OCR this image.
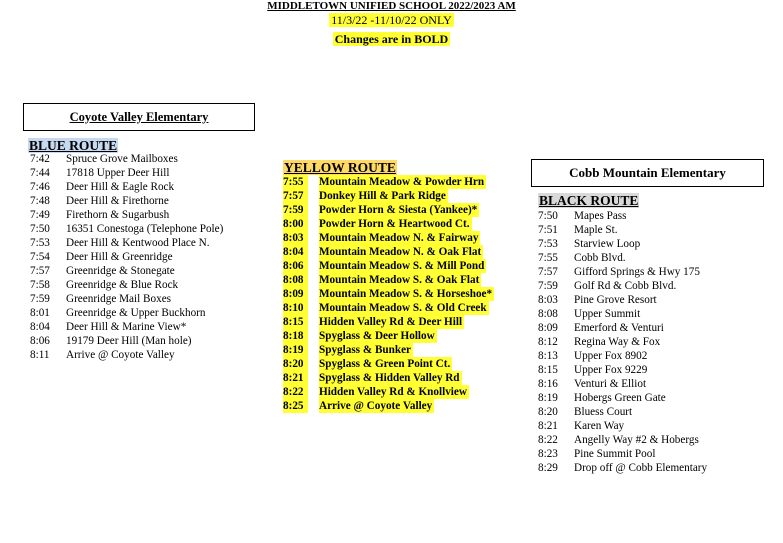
MIDDLETOWN UNIFIED SCHOOL 2022/2023 AM
11/3/22 -11/10/22 ONLY
Changes are in BOLD
Coyote Valley Elementary
Cobb Mountain Elementary
BLUE ROUTE
YELLOW ROUTE
BLACK ROUTE
7:42 Spruce Grove Mailboxes
7:44 17818 Upper Deer Hill
7:46 Deer Hill & Eagle Rock
7:48 Deer Hill & Firethorne
7:49 Firethorn & Sugarbush
7:50 16351 Conestoga (Telephone Pole)
7:53 Deer Hill & Kentwood Place N.
7:54 Deer Hill & Greenridge
7:57 Greenridge & Stonegate
7:58 Greenridge & Blue Rock
7:59 Greenridge Mail Boxes
8:01 Greenridge & Upper Buckhorn
8:04 Deer Hill & Marine View*
8:06 19179 Deer Hill (Man hole)
8:11 Arrive @ Coyote Valley
7:55	Mountain Meadow & Powder Hrn
7:57	Donkey Hill & Park Ridge
7:59	Powder Horn & Siesta (Yankee)*
8:00	Powder Horn & Heartwood Ct.
8:03	Mountain Meadow N. & Fairway
8:04	Mountain Meadow N. & Oak Flat
8:06	Mountain Meadow S. & Mill Pond
8:08	Mountain Meadow S. & Oak Flat
8:09	Mountain Meadow S. & Horseshoe*
8:10	Mountain Meadow S. & Old Creek
8:15	Hidden Valley Rd & Deer Hill
8:18	Spyglass & Deer Hollow
8:19	Spyglass & Bunker
8:20	Spyglass & Green Point Ct.
8:21	Spyglass & Hidden Valley Rd
8:22	Hidden Valley Rd & Knollview
8:25	Arrive @ Coyote Valley
7:50 Mapes Pass
7:51 Maple St.
7:53 Starview Loop
7:55 Cobb Blvd.
7:57 Gifford Springs & Hwy 175
7:59 Golf Rd & Cobb Blvd.
8:03 Pine Grove Resort
8:08 Upper Summit
8:09 Emerford & Venturi
8:12 Regina Way & Fox
8:13 Upper Fox 8902
8:15 Upper Fox 9229
8:16 Venturi & Elliot
8:19 Hobergs Green Gate
8:20 Bluess Court
8:21 Karen Way
8:22 Angelly Way #2 & Hobergs
8:23 Pine Summit Pool
8:29 Drop off @ Cobb Elementary
